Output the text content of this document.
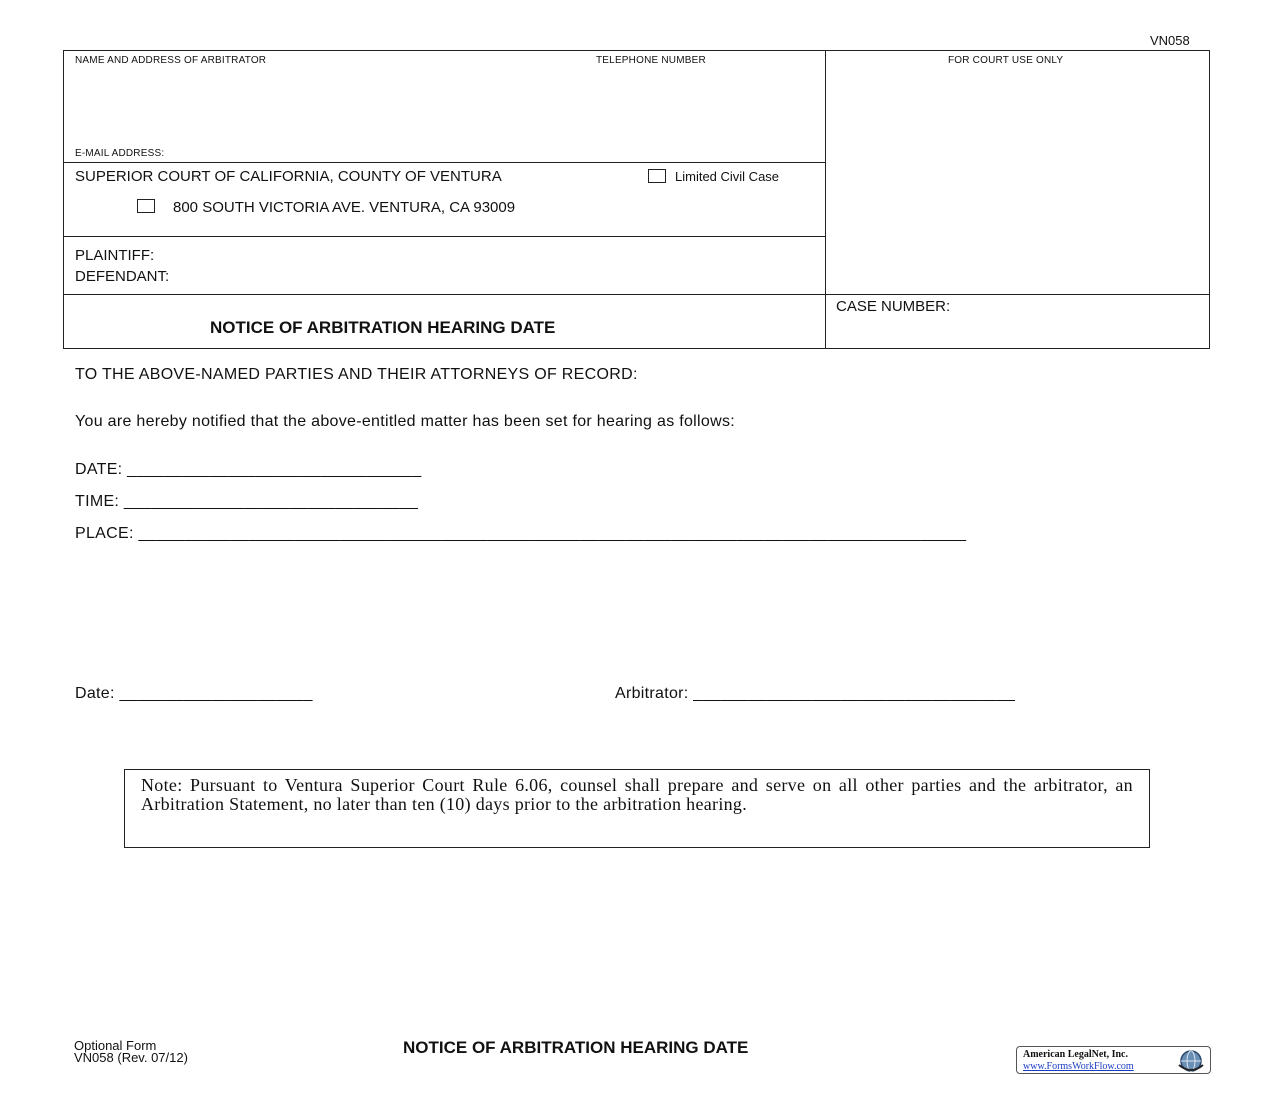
VN058
NAME AND ADDRESS OF ARBITRATOR	TELEPHONE NUMBER	FOR COURT USE ONLY
E-MAIL ADDRESS:
SUPERIOR COURT OF CALIFORNIA, COUNTY OF VENTURA	Limited Civil Case
800 SOUTH VICTORIA AVE. VENTURA, CA 93009
PLAINTIFF:
DEFENDANT:
NOTICE OF ARBITRATION HEARING DATE
CASE NUMBER:
TO THE ABOVE-NAMED PARTIES AND THEIR ATTORNEYS OF RECORD:
You are hereby notified that the above-entitled matter has been set for hearing as follows:
DATE: ________________________________
TIME: ________________________________
PLACE: __________________________________________________________________________________________
Date: _____________________	Arbitrator: ___________________________________
Note: Pursuant to Ventura Superior Court Rule 6.06, counsel shall prepare and serve on all other parties and the arbitrator, an Arbitration Statement, no later than ten (10) days prior to the arbitration hearing.
Optional Form
VN058 (Rev. 07/12)
NOTICE OF ARBITRATION HEARING DATE	American LegalNet, Inc.
www.FormsWorkFlow.com
